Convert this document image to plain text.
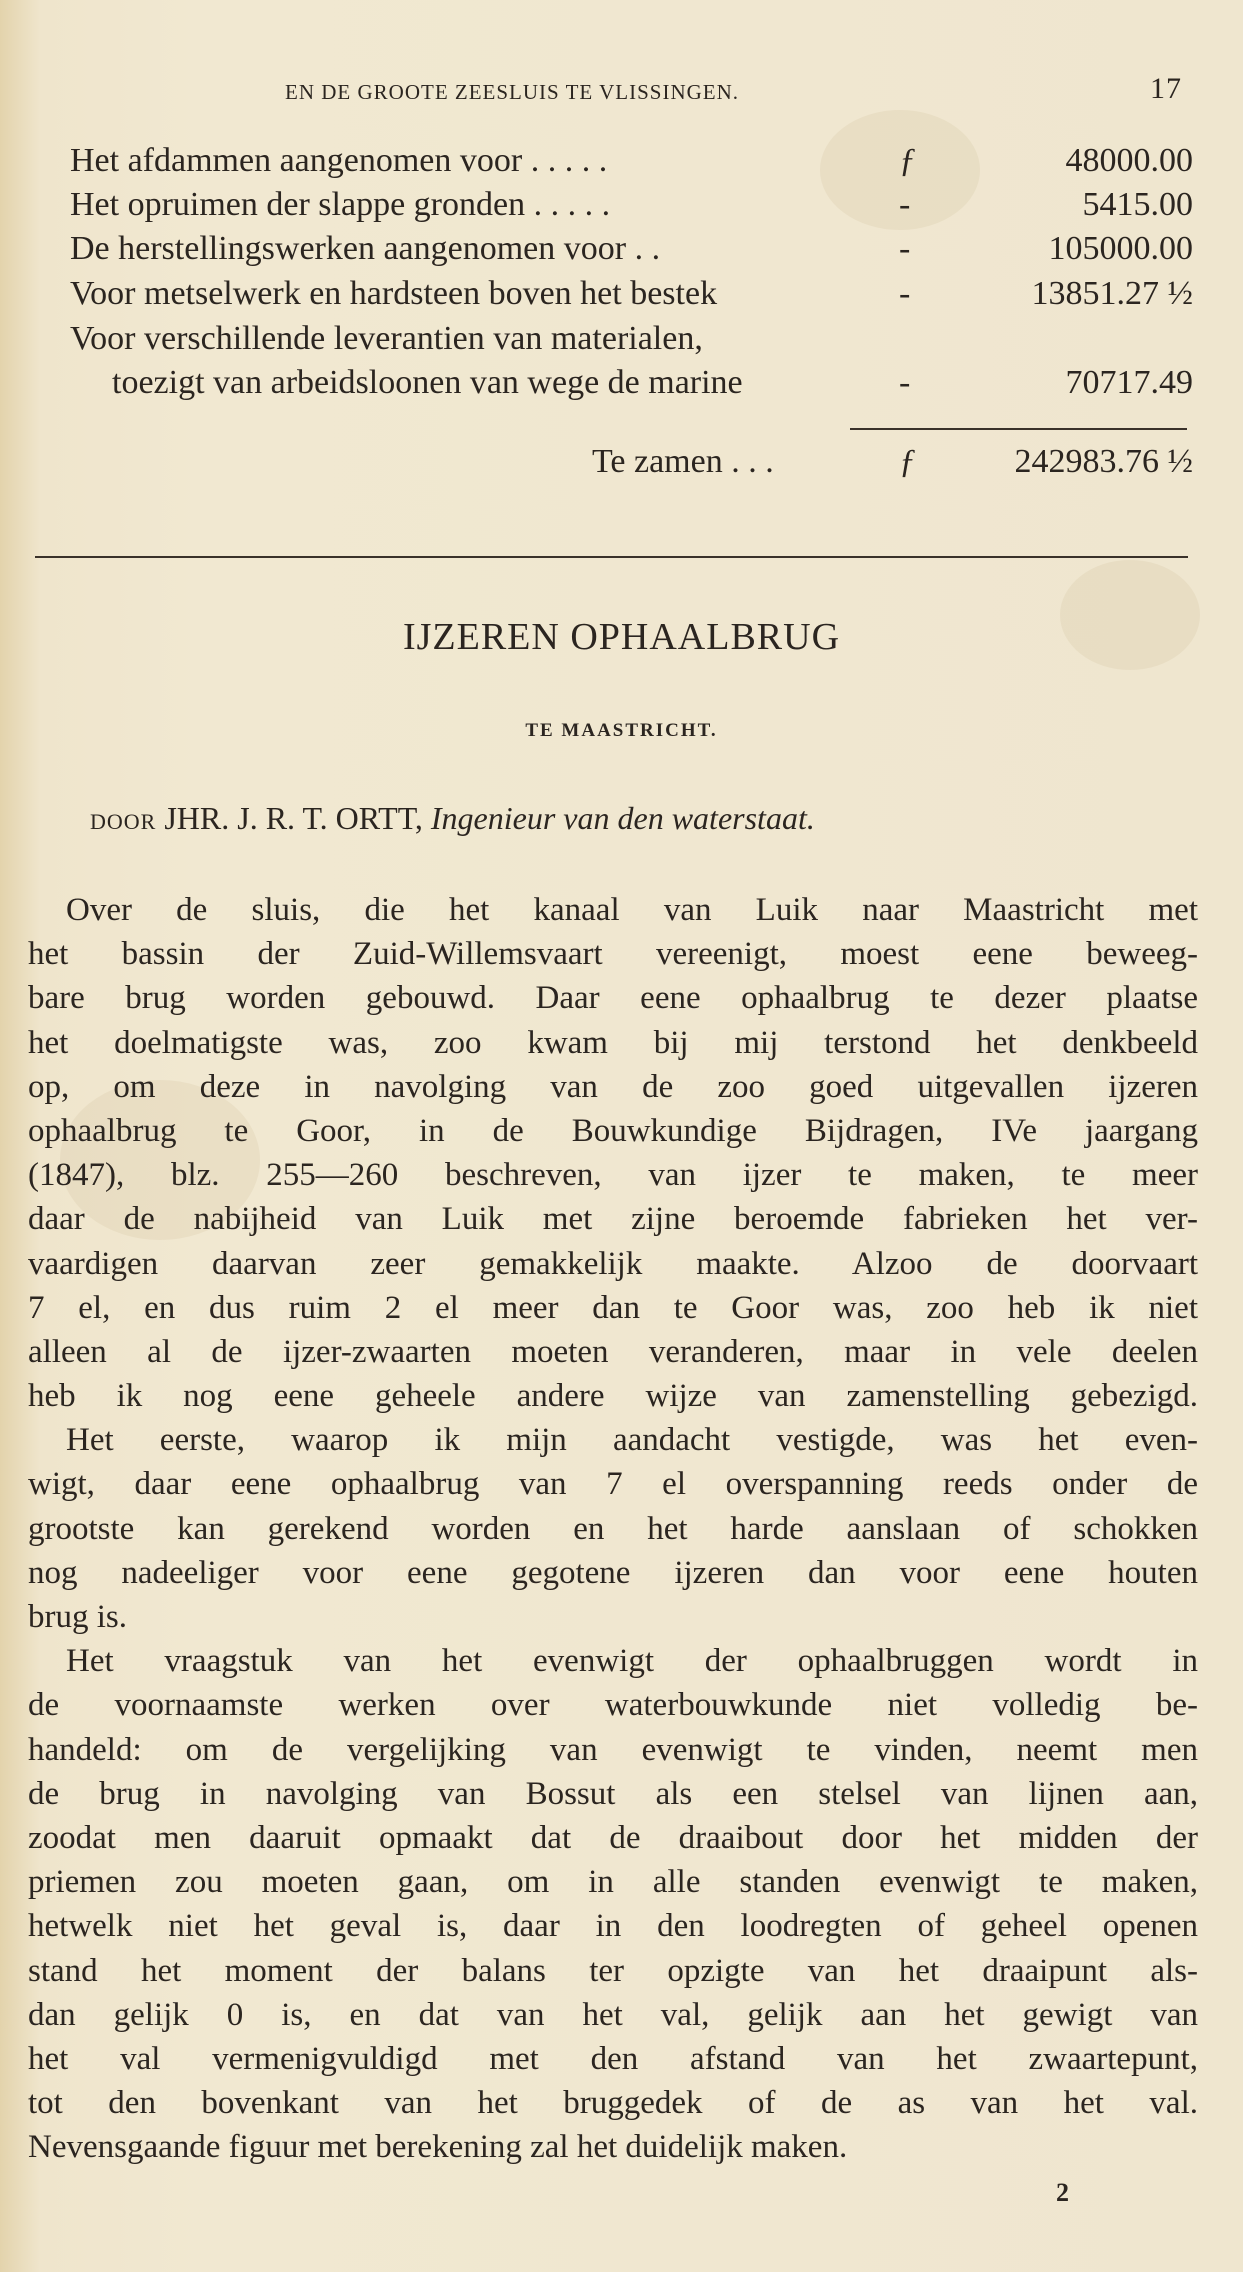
EN DE GROOTE ZEESLUIS TE VLISSINGEN.	17
Het afdammen aangenomen voor . . . . .	ƒ	48000.00
Het opruimen der slappe gronden . . . . .	-	5415.00
De herstellingswerken aangenomen voor . .	-	105000.00
Voor metselwerk en hardsteen boven het bestek	-	13851.27 ½
Voor verschillende leverantien van materialen,
toezigt van arbeidsloonen van wege de marine	-	70717.49
Te zamen . . .	ƒ	242983.76 ½
IJZEREN OPHAALBRUG
TE MAASTRICHT.
DOOR JHR. J. R. T. ORTT, Ingenieur van den waterstaat.
Over de sluis, die het kanaal van Luik naar Maastricht met
het bassin der Zuid-Willemsvaart vereenigt, moest eene beweeg-
bare brug worden gebouwd. Daar eene ophaalbrug te dezer plaatse
het doelmatigste was, zoo kwam bij mij terstond het denkbeeld
op, om deze in navolging van de zoo goed uitgevallen ijzeren
ophaalbrug te Goor, in de Bouwkundige Bijdragen, IVe jaargang
(1847), blz. 255—260 beschreven, van ijzer te maken, te meer
daar de nabijheid van Luik met zijne beroemde fabrieken het ver-
vaardigen daarvan zeer gemakkelijk maakte. Alzoo de doorvaart
7 el, en dus ruim 2 el meer dan te Goor was, zoo heb ik niet
alleen al de ijzer-zwaarten moeten veranderen, maar in vele deelen
heb ik nog eene geheele andere wijze van zamenstelling gebezigd.
Het eerste, waarop ik mijn aandacht vestigde, was het even-
wigt, daar eene ophaalbrug van 7 el overspanning reeds onder de
grootste kan gerekend worden en het harde aanslaan of schokken
nog nadeeliger voor eene gegotene ijzeren dan voor eene houten
brug is.
Het vraagstuk van het evenwigt der ophaalbruggen wordt in
de voornaamste werken over waterbouwkunde niet volledig be-
handeld: om de vergelijking van evenwigt te vinden, neemt men
de brug in navolging van Bossut als een stelsel van lijnen aan,
zoodat men daaruit opmaakt dat de draaibout door het midden der
priemen zou moeten gaan, om in alle standen evenwigt te maken,
hetwelk niet het geval is, daar in den loodregten of geheel openen
stand het moment der balans ter opzigte van het draaipunt als-
dan gelijk 0 is, en dat van het val, gelijk aan het gewigt van
het val vermenigvuldigd met den afstand van het zwaartepunt,
tot den bovenkant van het bruggedek of de as van het val.
Nevensgaande figuur met berekening zal het duidelijk maken.
2
